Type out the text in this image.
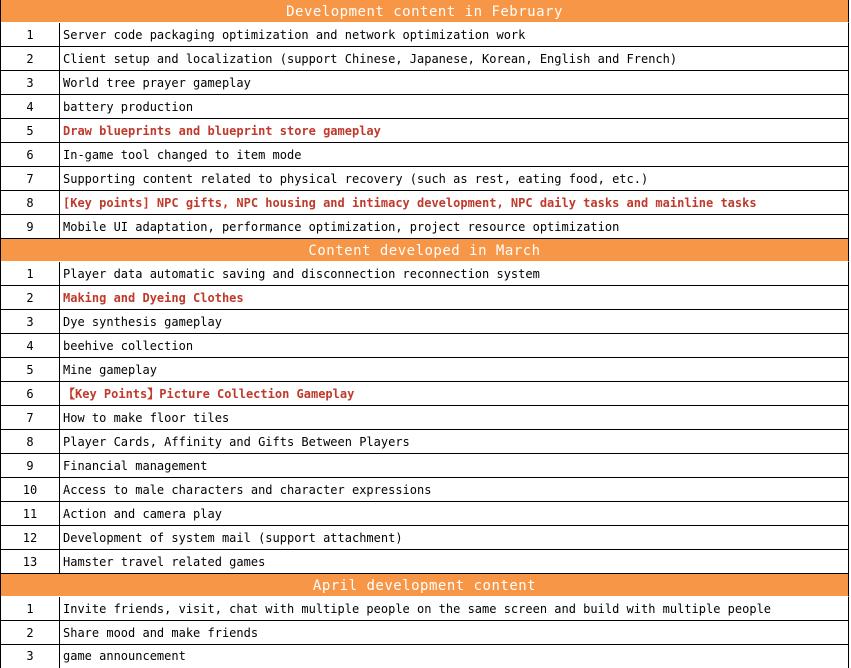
Development content in February
1	Server code packaging optimization and network optimization work
2	Client setup and localization (support Chinese, Japanese, Korean, English and French)
3	World tree prayer gameplay
4	battery production
5	Draw blueprints and blueprint store gameplay
6	In-game tool changed to item mode
7	Supporting content related to physical recovery (such as rest, eating food, etc.)
8	[Key points] NPC gifts, NPC housing and intimacy development, NPC daily tasks and mainline tasks
9	Mobile UI adaptation, performance optimization, project resource optimization
Content developed in March
1	Player data automatic saving and disconnection reconnection system
2	Making and Dyeing Clothes
3	Dye synthesis gameplay
4	beehive collection
5	Mine gameplay
6	【Key Points】Picture Collection Gameplay
7	How to make floor tiles
8	Player Cards, Affinity and Gifts Between Players
9	Financial management
10	Access to male characters and character expressions
11	Action and camera play
12	Development of system mail (support attachment)
13	Hamster travel related games
April development content
1	Invite friends, visit, chat with multiple people on the same screen and build with multiple people
2	Share mood and make friends
3	game announcement
